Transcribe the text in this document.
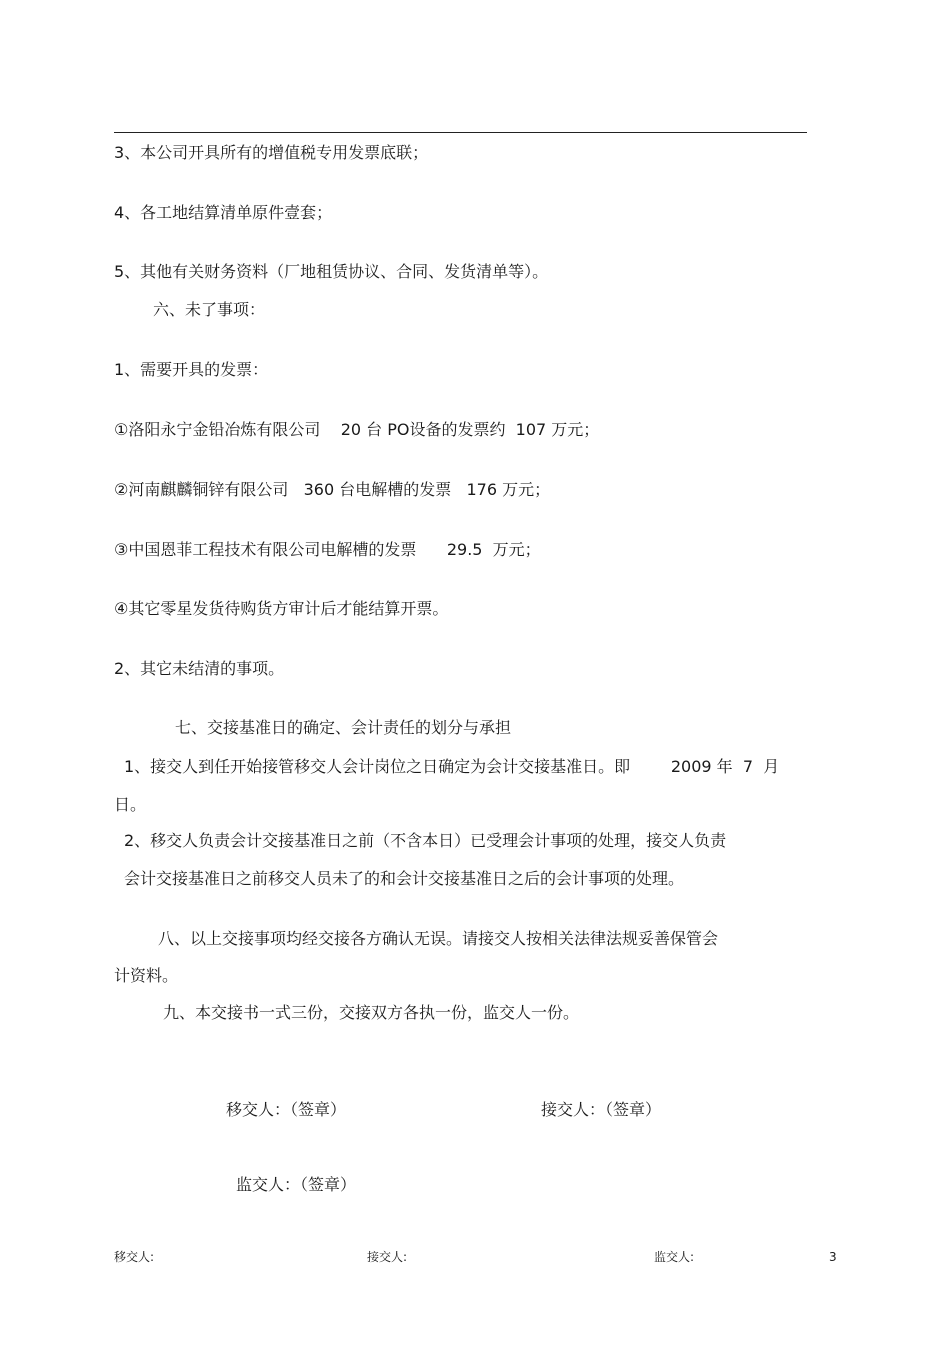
3、本公司开具所有的增值税专用发票底联；
4、各工地结算清单原件壹套；
5、其他有关财务资料（厂地租赁协议、合同、发货清单等）。
六、未了事项：
1、需要开具的发票：
①洛阳永宁金铅冶炼有限公司    20 台 PO设备的发票约  107 万元；
②河南麒麟铜锌有限公司   360 台电解槽的发票   176 万元；
③中国恩菲工程技术有限公司电解槽的发票      29.5  万元；
④其它零星发货待购货方审计后才能结算开票。
2、其它未结清的事项。
七、交接基准日的确定、会计责任的划分与承担
1、接交人到任开始接管移交人会计岗位之日确定为会计交接基准日。即        2009 年  7  月
日。
2、移交人负责会计交接基准日之前（不含本日）已受理会计事项的处理，接交人负责
会计交接基准日之前移交人员未了的和会计交接基准日之后的会计事项的处理。
八、以上交接事项均经交接各方确认无误。请接交人按相关法律法规妥善保管会
计资料。
九、本交接书一式三份，交接双方各执一份，监交人一份。
移交人：（签章）	接交人：（签章）
监交人：（签章）
移交人:	接交人:	监交人:	3
